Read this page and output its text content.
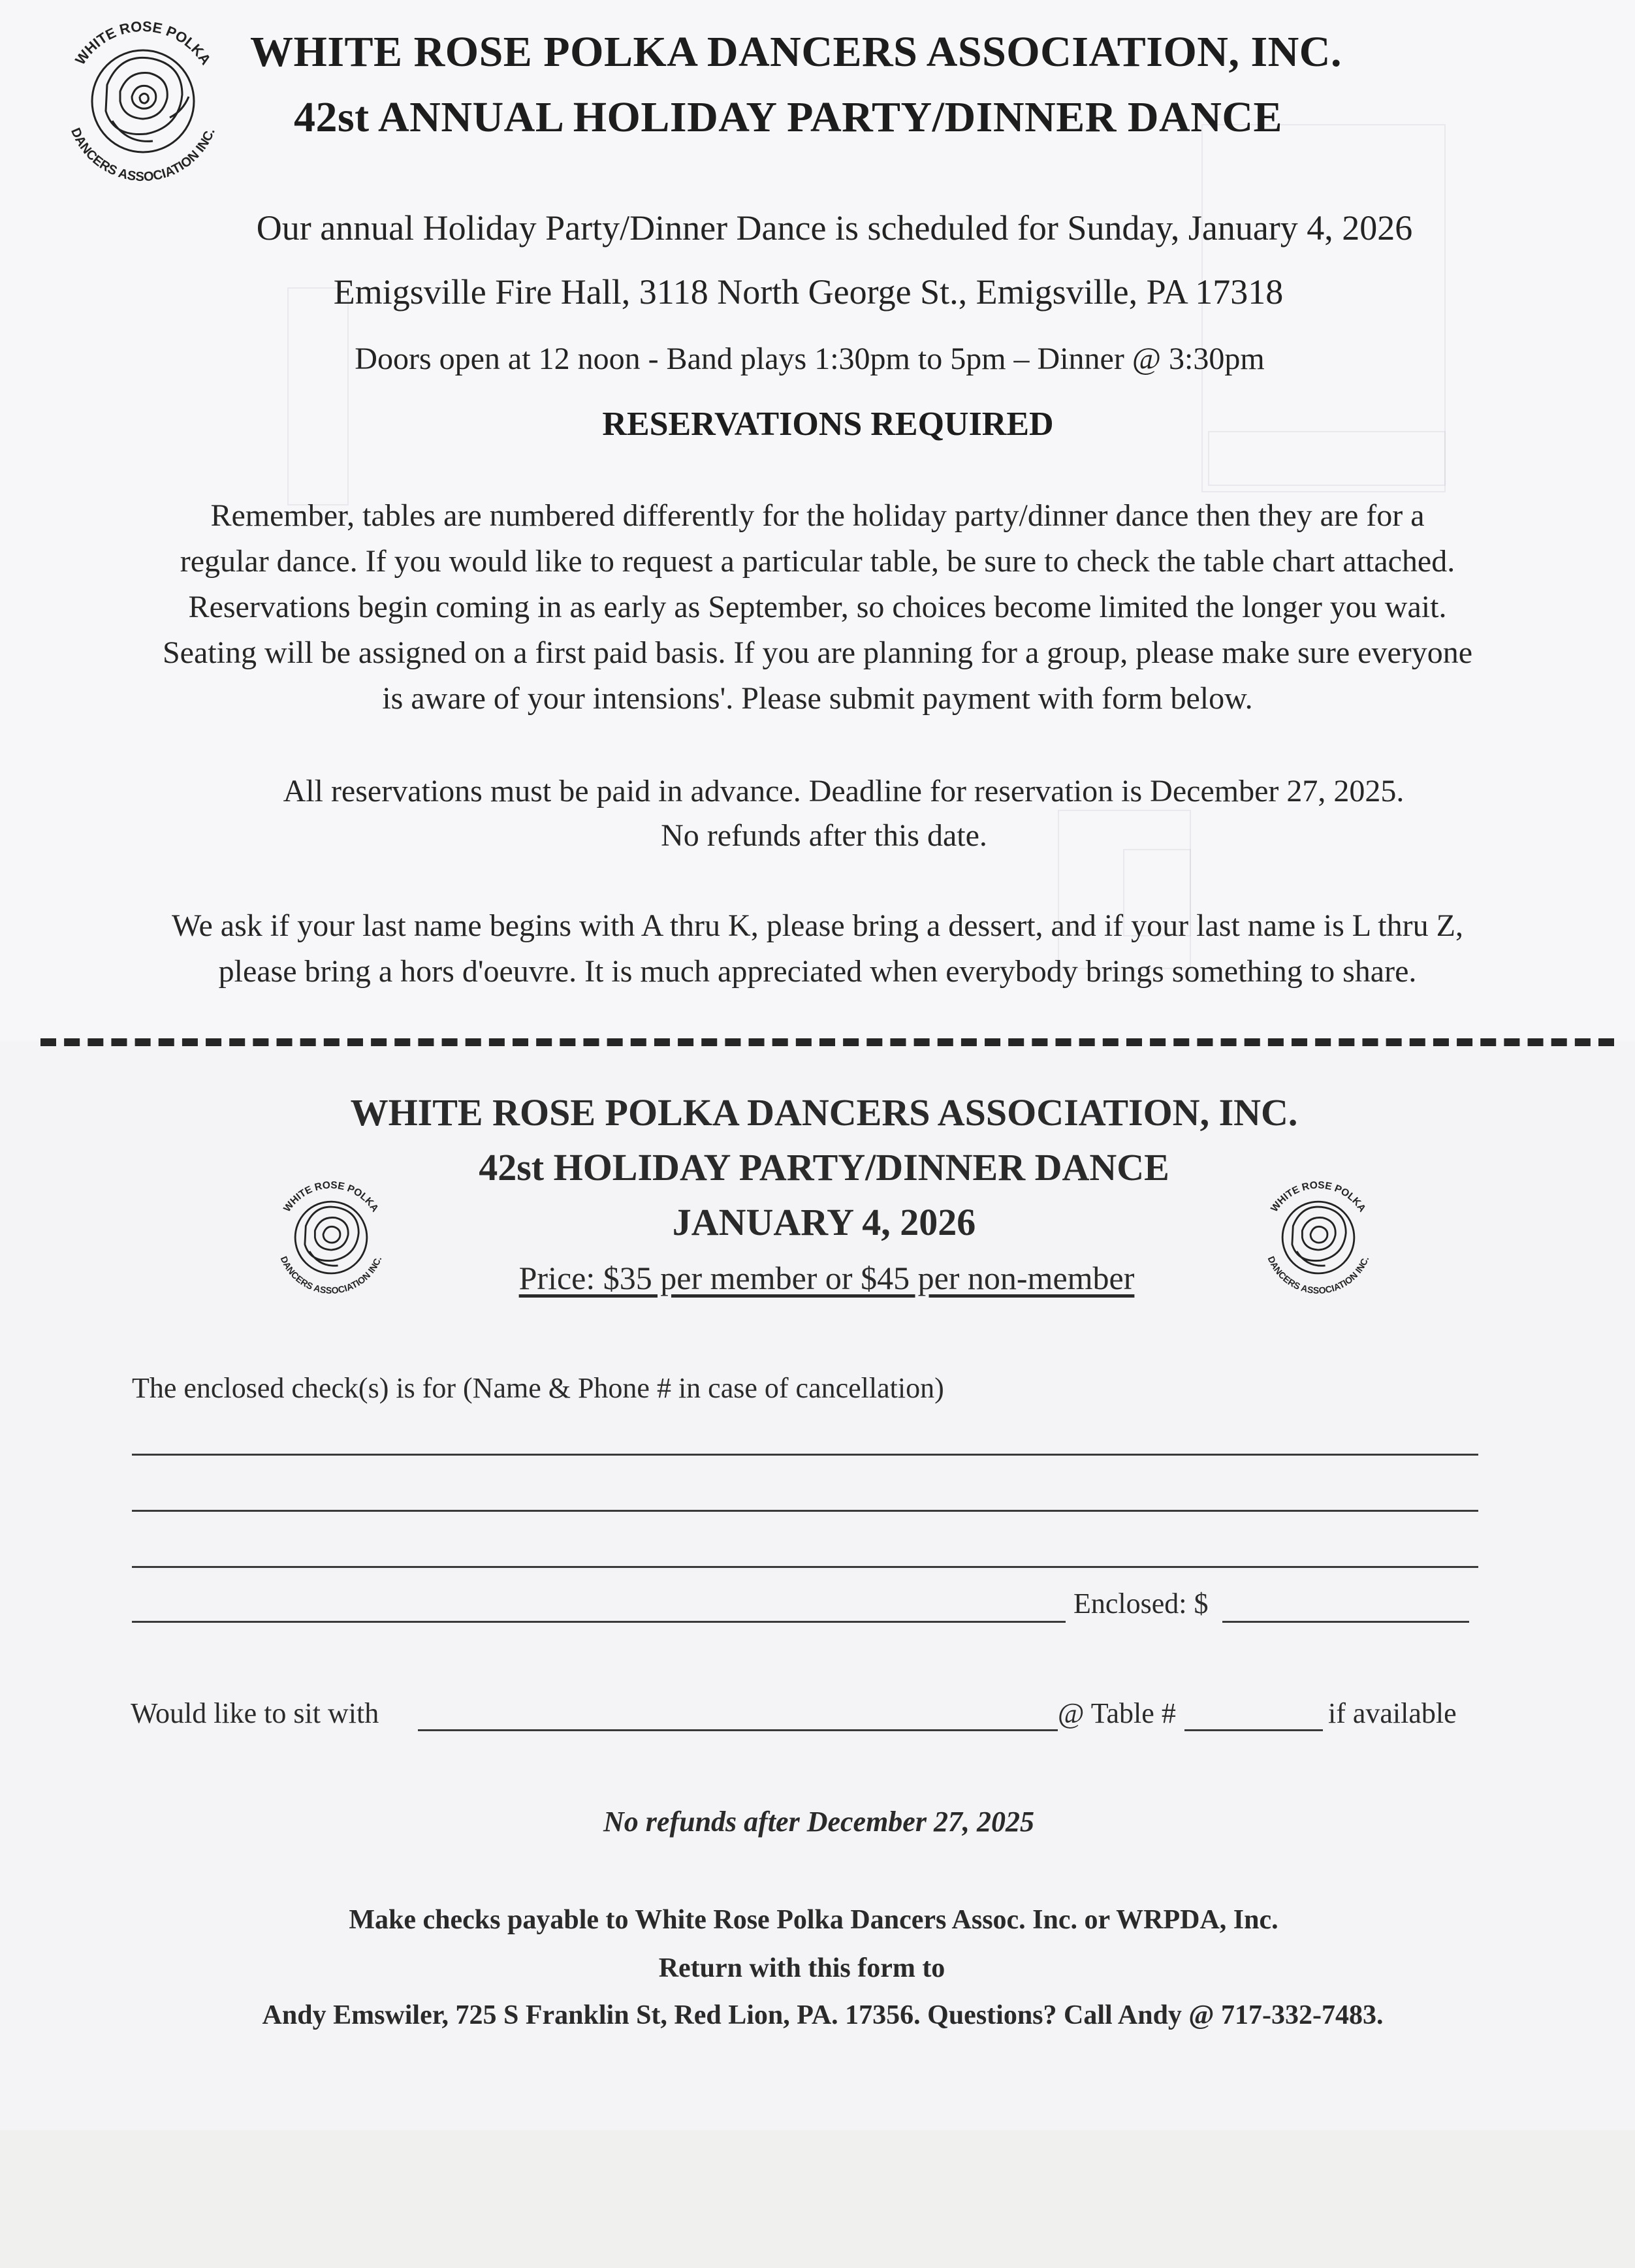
WHITE ROSE POLKA
DANCERS ASSOCIATION INC.
WHITE ROSE POLKA DANCERS ASSOCIATION, INC.
42st ANNUAL HOLIDAY PARTY/DINNER DANCE
Our annual Holiday Party/Dinner Dance is scheduled for Sunday, January 4, 2026
Emigsville Fire Hall, 3118 North George St., Emigsville, PA 17318
Doors open at 12 noon - Band plays 1:30pm to 5pm – Dinner @ 3:30pm
RESERVATIONS REQUIRED
Remember, tables are numbered differently for the holiday party/dinner dance then they are for a
regular dance. If you would like to request a particular table, be sure to check the table chart attached.
Reservations begin coming in as early as September, so choices become limited the longer you wait.
Seating will be assigned on a first paid basis. If you are planning for a group, please make sure everyone
is aware of your intensions'. Please submit payment with form below.
All reservations must be paid in advance. Deadline for reservation is December 27, 2025.
No refunds after this date.
We ask if your last name begins with A thru K, please bring a dessert, and if your last name is L thru Z,
please bring a hors d'oeuvre. It is much appreciated when everybody brings something to share.
WHITE ROSE POLKA DANCERS ASSOCIATION, INC.
42st HOLIDAY PARTY/DINNER DANCE
JANUARY 4, 2026
Price: $35 per member or $45 per non-member
WHITE ROSE POLKA
DANCERS ASSOCIATION INC.
WHITE ROSE POLKA
DANCERS ASSOCIATION INC.
The enclosed check(s) is for (Name & Phone # in case of cancellation)
Enclosed: $
Would like to sit with	@ Table #	if available
No refunds after December 27, 2025
Make checks payable to White Rose Polka Dancers Assoc. Inc. or WRPDA, Inc.
Return with this form to
Andy Emswiler, 725 S Franklin St, Red Lion, PA. 17356. Questions? Call Andy @ 717-332-7483.
